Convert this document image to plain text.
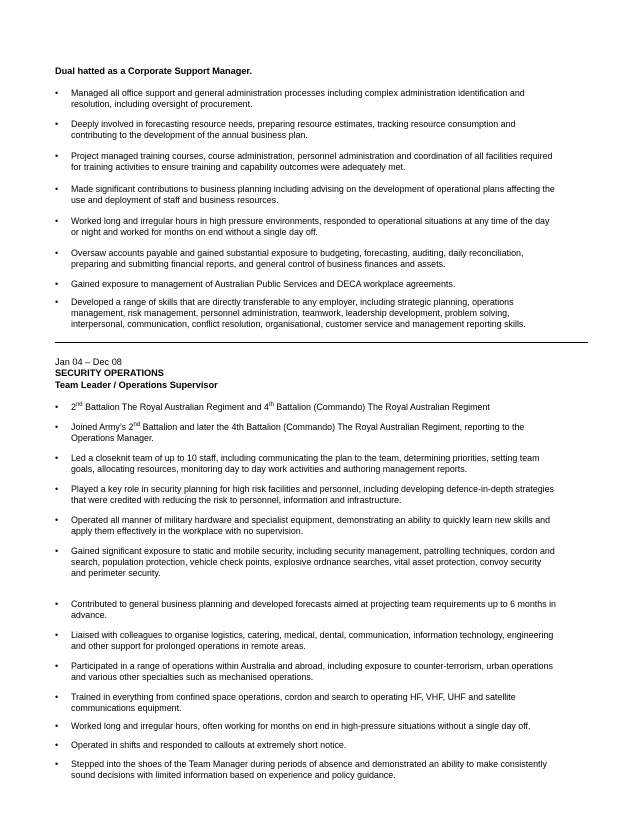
Dual hatted as a Corporate Support Manager.
• Managed all office support and general administration processes including complex administration identification and
resolution, including oversight of procurement.
• Deeply involved in forecasting resource needs, preparing resource estimates, tracking resource consumption and
contributing to the development of the annual business plan.
• Project managed training courses, course administration, personnel administration and coordination of all facilities required
for training activities to ensure training and capability outcomes were adequately met.
• Made significant contributions to business planning including advising on the development of operational plans affecting the
use and deployment of staff and business resources.
• Worked long and irregular hours in high pressure environments, responded to operational situations at any time of the day
or night and worked for months on end without a single day off.
• Oversaw accounts payable and gained substantial exposure to budgeting, forecasting, auditing, daily reconciliation,
preparing and submitting financial reports, and general control of business finances and assets.
• Gained exposure to management of Australian Public Services and DECA workplace agreements.
• Developed a range of skills that are directly transferable to any employer, including strategic planning, operations
management, risk management, personnel administration, teamwork, leadership development, problem solving,
interpersonal, communication, conflict resolution, organisational, customer service and management reporting skills.
Jan 04 – Dec 08
SECURITY OPERATIONS
Team Leader / Operations Supervisor
• 2nd Battalion The Royal Australian Regiment and 4th Battalion (Commando) The Royal Australian Regiment
• Joined Army’s 2nd Battalion and later the 4th Battalion (Commando) The Royal Australian Regiment, reporting to the
Operations Manager.
• Led a closeknit team of up to 10 staff, including communicating the plan to the team, determining priorities, setting team
goals, allocating resources, monitoring day to day work activities and authoring management reports.
• Played a key role in security planning for high risk facilities and personnel, including developing defence-in-depth strategies
that were credited with reducing the risk to personnel, information and infrastructure.
• Operated all manner of military hardware and specialist equipment, demonstrating an ability to quickly learn new skills and
apply them effectively in the workplace with no supervision.
• Gained significant exposure to static and mobile security, including security management, patrolling techniques, cordon and
search, population protection, vehicle check points, explosive ordnance searches, vital asset protection, convoy security
and perimeter security.
• Contributed to general business planning and developed forecasts aimed at projecting team requirements up to 6 months in
advance.
• Liaised with colleagues to organise logistics, catering, medical, dental, communication, information technology, engineering
and other support for prolonged operations in remote areas.
• Participated in a range of operations within Australia and abroad, including exposure to counter-terrorism, urban operations
and various other specialties such as mechanised operations.
• Trained in everything from confined space operations, cordon and search to operating HF, VHF, UHF and satellite
communications equipment.
• Worked long and irregular hours, often working for months on end in high-pressure situations without a single day off.
• Operated in shifts and responded to callouts at extremely short notice.
• Stepped into the shoes of the Team Manager during periods of absence and demonstrated an ability to make consistently
sound decisions with limited information based on experience and policy guidance.
